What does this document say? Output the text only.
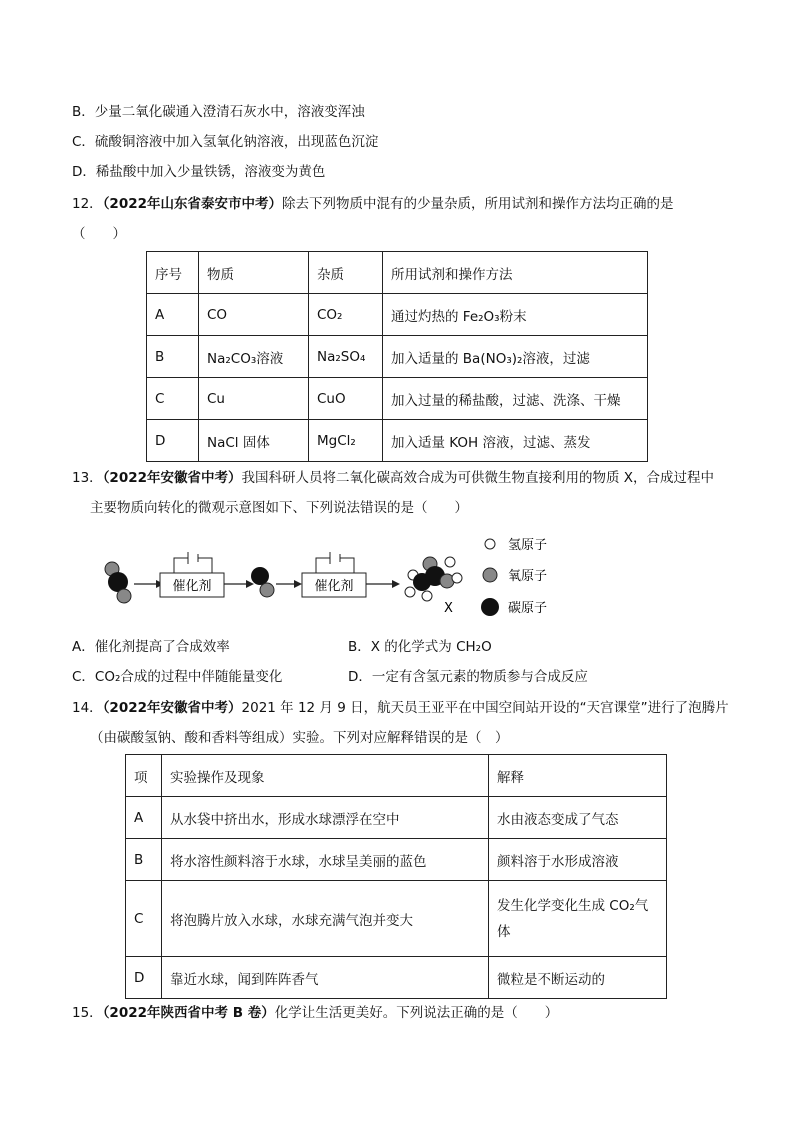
B．少量二氧化碳通入澄清石灰水中，溶液变浑浊
C．硫酸铜溶液中加入氢氧化钠溶液，出现蓝色沉淀
D．稀盐酸中加入少量铁锈，溶液变为黄色
12．（2022年山东省泰安市中考）除去下列物质中混有的少量杂质，所用试剂和操作方法均正确的是
（　　）
序号	物质	杂质	所用试剂和操作方法
A	CO	CO₂	通过灼热的 Fe₂O₃粉末
B	Na₂CO₃溶液	Na₂SO₄	加入适量的 Ba(NO₃)₂溶液，过滤
C	Cu	CuO	加入过量的稀盐酸，过滤、洗涤、干燥
D	NaCl 固体	MgCl₂	加入适量 KOH 溶液，过滤、蒸发
13．（2022年安徽省中考）我国科研人员将二氧化碳高效合成为可供微生物直接利用的物质 X，合成过程中
主要物质向转化的微观示意图如下、下列说法错误的是（　　）
催化剂	催化剂
X
氢原子
氧原子
碳原子
A．催化剂提高了合成效率	B．X 的化学式为 CH₂O
C．CO₂合成的过程中伴随能量变化	D．一定有含氢元素的物质参与合成反应
14．（2022年安徽省中考）2021 年 12 月 9 日，航天员王亚平在中国空间站开设的“天宫课堂”进行了泡腾片
（由碳酸氢钠、酸和香料等组成）实验。下列对应解释错误的是（　）
项	实验操作及现象	解释
A	从水袋中挤出水，形成水球漂浮在空中	水由液态变成了气态
B	将水溶性颜料溶于水球，水球呈美丽的蓝色	颜料溶于水形成溶液
C	将泡腾片放入水球，水球充满气泡并变大	发生化学变化生成 CO₂气
体

D	靠近水球，闻到阵阵香气	微粒是不断运动的
15．（2022年陕西省中考 B 卷）化学让生活更美好。下列说法正确的是（　　）
